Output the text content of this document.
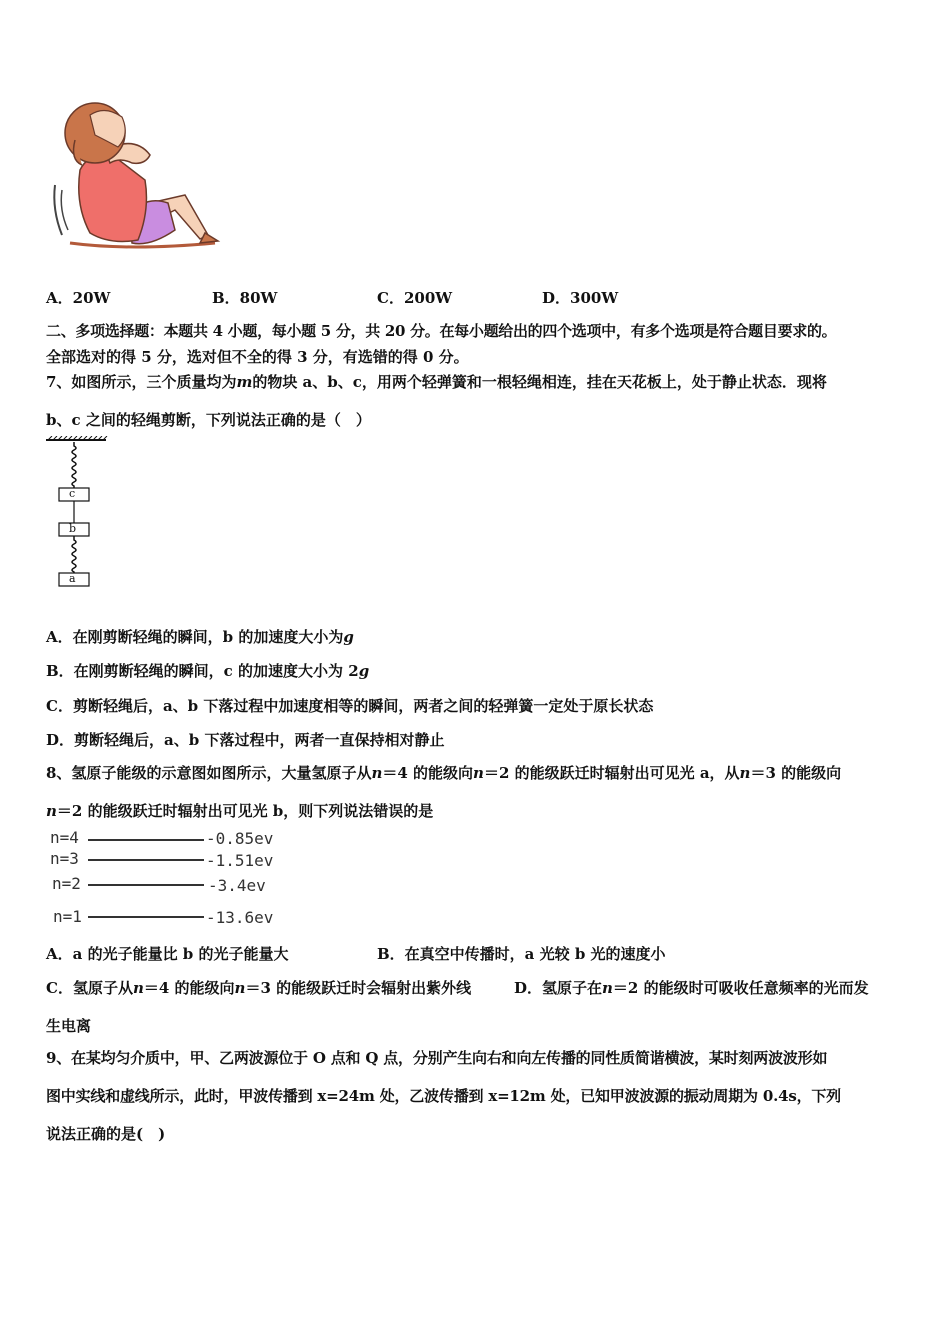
A．20W	B．80W	C．200W	D．300W
二、多项选择题：本题共 4 小题，每小题 5 分，共 20 分。在每小题给出的四个选项中，有多个选项是符合题目要求的。
全部选对的得 5 分，选对但不全的得 3 分，有选错的得 0 分。
7、如图所示，三个质量均为m的物块 a、b、c，用两个轻弹簧和一根轻绳相连，挂在天花板上，处于静止状态．现将
b、c 之间的轻绳剪断，下列说法正确的是（　）
c
b
a
A．在刚剪断轻绳的瞬间，b 的加速度大小为g
B．在刚剪断轻绳的瞬间，c 的加速度大小为 2g
C．剪断轻绳后，a、b 下落过程中加速度相等的瞬间，两者之间的轻弹簧一定处于原长状态
D．剪断轻绳后，a、b 下落过程中，两者一直保持相对静止
8、氢原子能级的示意图如图所示，大量氢原子从n＝4 的能级向n＝2 的能级跃迁时辐射出可见光 a，从n＝3 的能级向
n＝2 的能级跃迁时辐射出可见光 b，则下列说法错误的是
n=4	-0.85ev
n=3	-1.51ev
n=2	-3.4ev
n=1	-13.6ev
A．a 的光子能量比 b 的光子能量大	B．在真空中传播时，a 光较 b 光的速度小
C．氢原子从n＝4 的能级向n＝3 的能级跃迁时会辐射出紫外线	D．氢原子在n＝2 的能级时可吸收任意频率的光而发
生电离
9、在某均匀介质中，甲、乙两波源位于 O 点和 Q 点，分别产生向右和向左传播的同性质简谐横波，某时刻两波波形如
图中实线和虚线所示，此时，甲波传播到 x=24m 处，乙波传播到 x=12m 处，已知甲波波源的振动周期为 0.4s，下列
说法正确的是(　)
